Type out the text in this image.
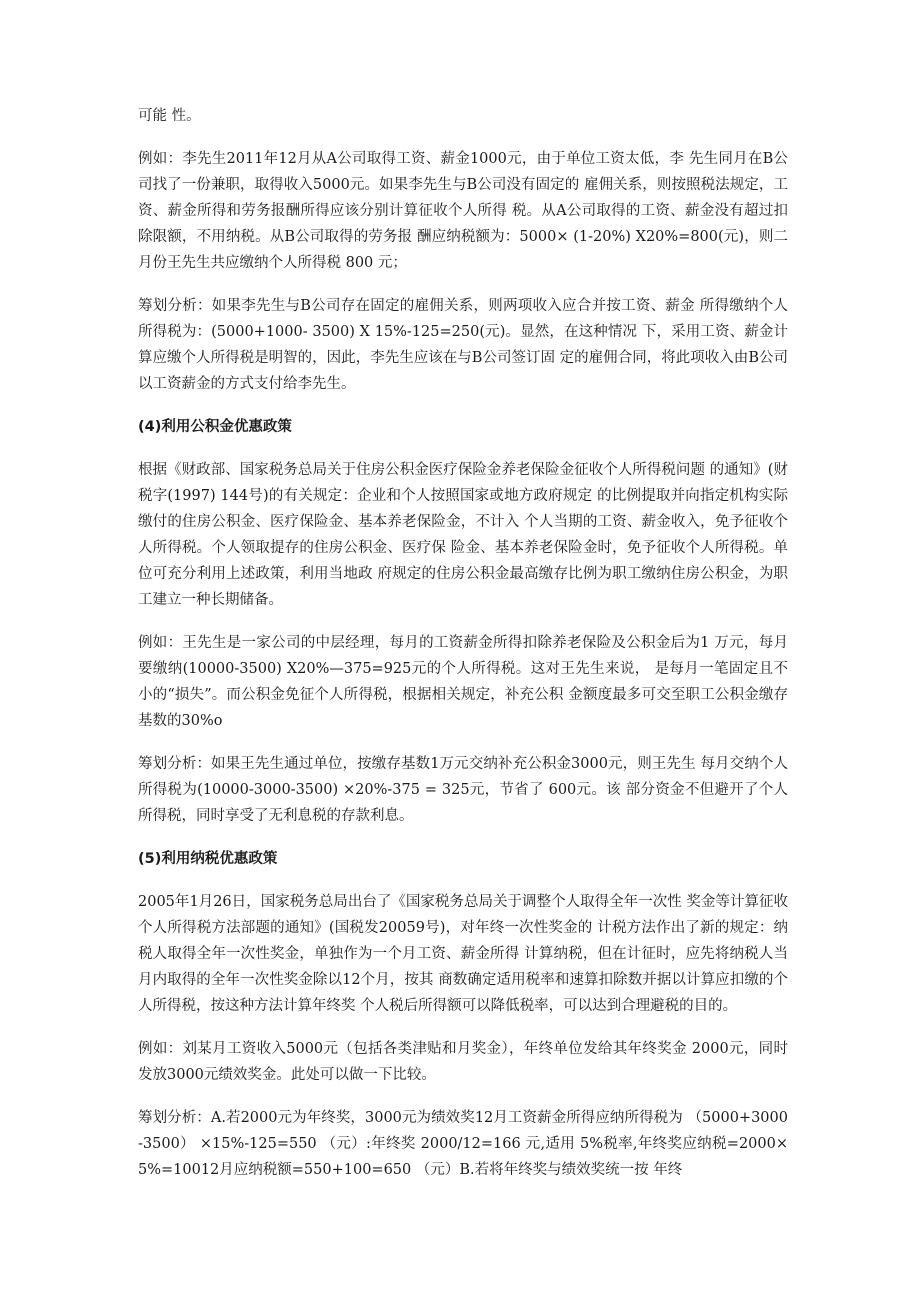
可能 性。

例如：李先生2011年12月从A公司取得工资、薪金1000元，由于单位工资太低，李 先生同月在B公司找了一份兼职，取得收入5000元。如果李先生与B公司没有固定的 雇佣关系，则按照税法规定，工资、薪金所得和劳务报酬所得应该分别计算征收个人所得 税。从A公司取得的工资、薪金没有超过扣除限额，不用纳税。从B公司取得的劳务报 酬应纳税额为：5000× (1-20%) X20%=800(元)，则二月份王先生共应缴纳个人所得税 800 元；

筹划分析：如果李先生与B公司存在固定的雇佣关系，则两项收入应合并按工资、薪金 所得缴纳个人所得税为：(5000+1000- 3500) X 15%-125=250(元)。显然，在这种情况 下，采用工资、薪金计算应缴个人所得税是明智的，因此，李先生应该在与B公司签订固 定的雇佣合同，将此项收入由B公司以工资薪金的方式支付给李先生。

(4)利用公积金优惠政策

根据《财政部、国家税务总局关于住房公积金医疗保险金养老保险金征收个人所得税问题 的通知》(财税字(1997) 144号)的有关规定：企业和个人按照国家或地方政府规定 的比例提取并向指定机构实际缴付的住房公积金、医疗保险金、基本养老保险金，不计入 个人当期的工资、薪金收入，免予征收个人所得税。个人领取提存的住房公积金、医疗保 险金、基本养老保险金时，免予征收个人所得税。单位可充分利用上述政策，利用当地政 府规定的住房公积金最高缴存比例为职工缴纳住房公积金，为职工建立一种长期储备。

例如：王先生是一家公司的中层经理，每月的工资薪金所得扣除养老保险及公积金后为1 万元，每月要缴纳(10000-3500) X20%—375=925元的个人所得税。这对王先生来说， 是每月一笔固定且不小的“损失”。而公积金免征个人所得税，根据相关规定，补充公积 金额度最多可交至职工公积金缴存基数的30%o

筹划分析：如果王先生通过单位，按缴存基数1万元交纳补充公积金3000元，则王先生 每月交纳个人所得税为(10000-3000-3500) ×20%-375 = 325元，节省了 600元。该 部分资金不但避开了个人所得税，同时享受了无利息税的存款利息。

(5)利用纳税优惠政策

2005年1月26日，国家税务总局出台了《国家税务总局关于调整个人取得全年一次性 奖金等计算征收个人所得税方法部题的通知》(国税发20059号)，对年终一次性奖金的 计税方法作出了新的规定：纳税人取得全年一次性奖金，单独作为一个月工资、薪金所得 计算纳税，但在计征时，应先将纳税人当月内取得的全年一次性奖金除以12个月，按其 商数确定适用税率和速算扣除数并据以计算应扣缴的个人所得税，按这种方法计算年终奖 个人税后所得额可以降低税率，可以达到合理避税的目的。

例如：刘某月工资收入5000元（包括各类津贴和月奖金），年终单位发给其年终奖金 2000元，同时发放3000元绩效奖金。此处可以做一下比较。

筹划分析：A.若2000元为年终奖，3000元为绩效奖12月工资薪金所得应纳所得税为 （5000+3000-3500） ×15%-125=550 （元）:年终奖 2000/12=166 元,适用 5%税率,年终奖应纳税=2000×5%=10012月应纳税额=550+100=650 （元）B.若将年终奖与绩效奖统一按 年终
